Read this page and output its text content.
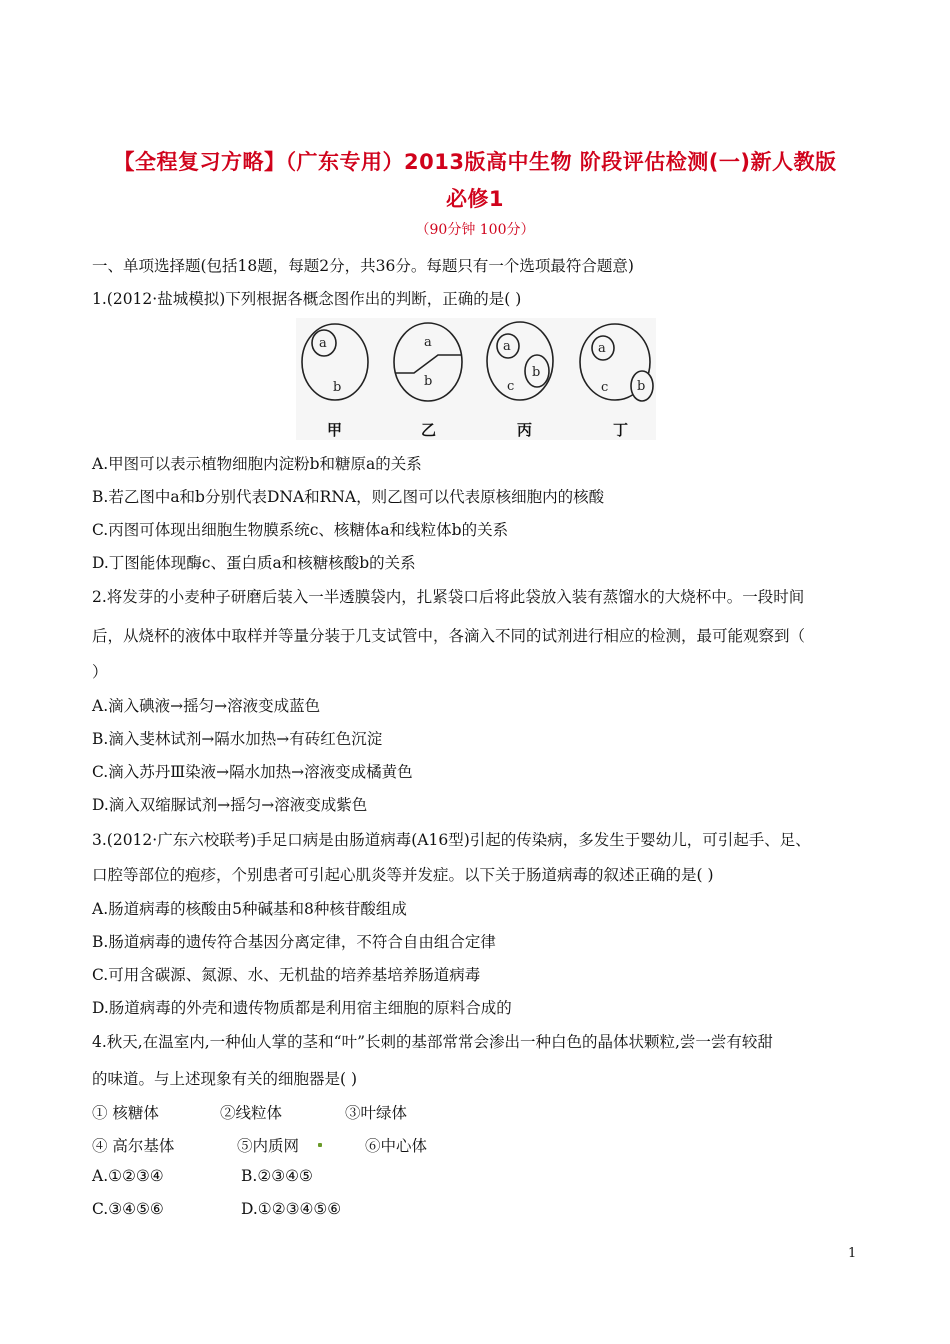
【全程复习方略】（广东专用）2013版高中生物 阶段评估检测(一)新人教版
必修1
（90分钟 100分）
一、单项选择题(包括18题，每题2分，共36分。每题只有一个选项最符合题意)
1.(2012·盐城模拟)下列根据各概念图作出的判断，正确的是( )
a
b
a
b
a
b
c
a
b
c
甲	乙	丙	丁
A.甲图可以表示植物细胞内淀粉b和糖原a的关系
B.若乙图中a和b分别代表DNA和RNA，则乙图可以代表原核细胞内的核酸
C.丙图可体现出细胞生物膜系统c、核糖体a和线粒体b的关系
D.丁图能体现酶c、蛋白质a和核糖核酸b的关系
2.将发芽的小麦种子研磨后装入一半透膜袋内，扎紧袋口后将此袋放入装有蒸馏水的大烧杯中。一段时间
后，从烧杯的液体中取样并等量分装于几支试管中，各滴入不同的试剂进行相应的检测，最可能观察到（
）
A.滴入碘液→摇匀→溶液变成蓝色
B.滴入斐林试剂→隔水加热→有砖红色沉淀
C.滴入苏丹Ⅲ染液→隔水加热→溶液变成橘黄色
D.滴入双缩脲试剂→摇匀→溶液变成紫色
3.(2012·广东六校联考)手足口病是由肠道病毒(A16型)引起的传染病，多发生于婴幼儿，可引起手、足、
口腔等部位的疱疹，个别患者可引起心肌炎等并发症。以下关于肠道病毒的叙述正确的是( )
A.肠道病毒的核酸由5种碱基和8种核苷酸组成
B.肠道病毒的遗传符合基因分离定律，不符合自由组合定律
C.可用含碳源、氮源、水、无机盐的培养基培养肠道病毒
D.肠道病毒的外壳和遗传物质都是利用宿主细胞的原料合成的
4.秋天,在温室内,一种仙人掌的茎和“叶”长刺的基部常常会渗出一种白色的晶体状颗粒,尝一尝有较甜
的味道。与上述现象有关的细胞器是( )
① 核糖体	②线粒体	③叶绿体
④ 高尔基体	⑤内质网	⑥中心体
A.①②③④	B.②③④⑤
C.③④⑤⑥	D.①②③④⑤⑥
1
